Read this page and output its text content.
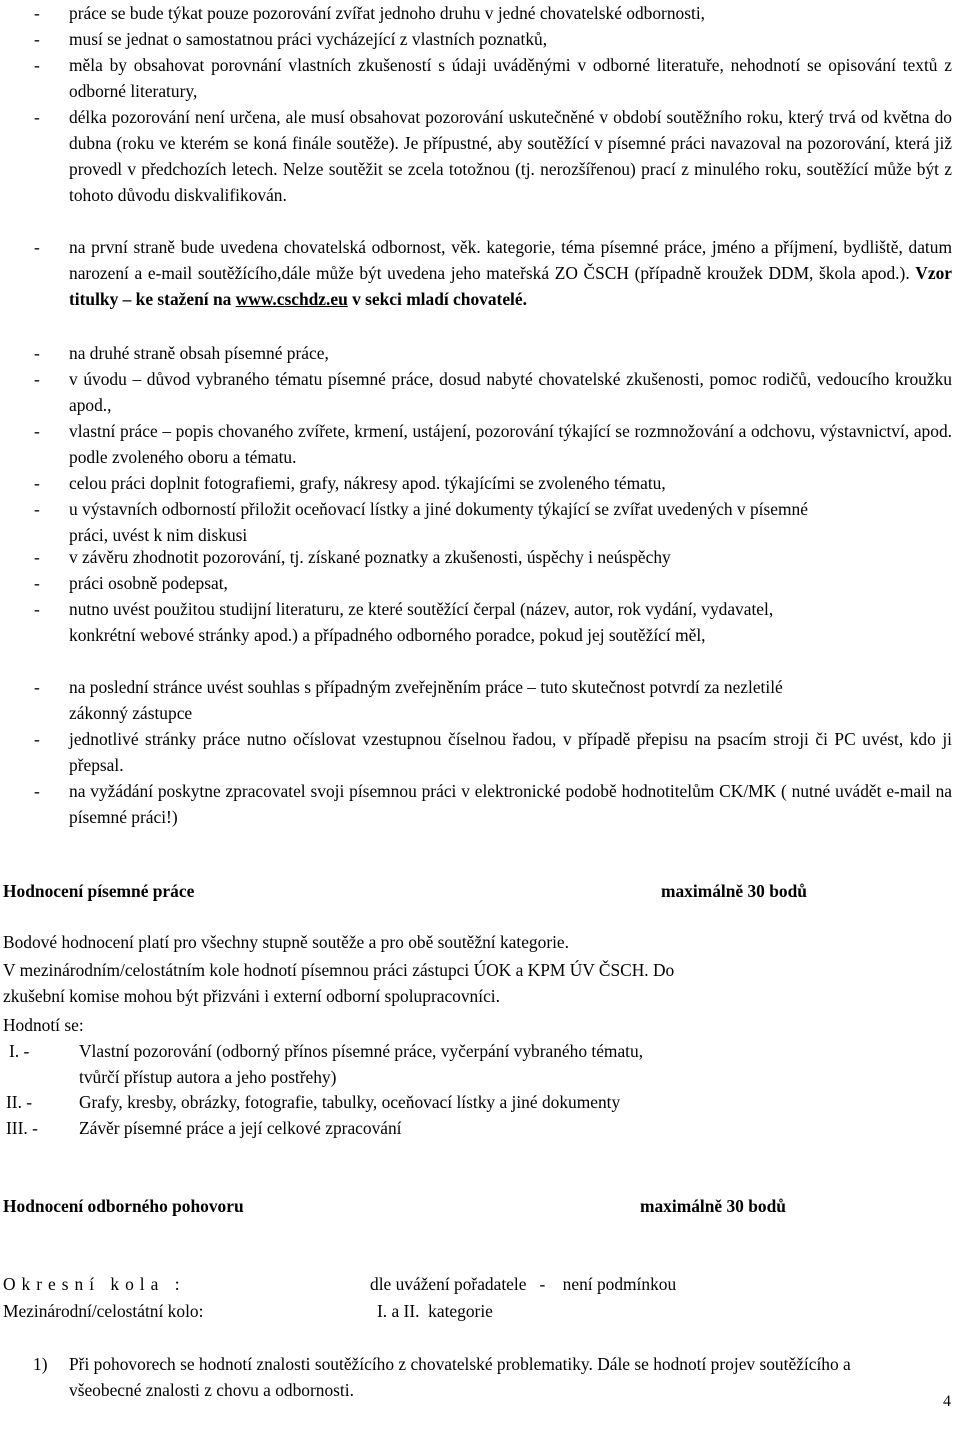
- práce se bude týkat pouze pozorování zvířat jednoho druhu v jedné chovatelské odbornosti,
- musí se jednat o samostatnou práci vycházející z vlastních poznatků,
- měla by obsahovat porovnání vlastních zkušeností s údaji uváděnými v odborné literatuře, nehodnotí se opisování textů z odborné literatury,
- délka pozorování není určena, ale musí obsahovat pozorování uskutečněné v období soutěžního roku, který trvá od května do dubna (roku ve kterém se koná finále soutěže). Je přípustné, aby soutěžící v písemné práci navazoval na pozorování, která již provedl v předchozích letech. Nelze soutěžit se zcela totožnou (tj. nerozšířenou) prací z minulého roku, soutěžící může být z tohoto důvodu diskvalifikován.
- na první straně bude uvedena chovatelská odbornost, věk. kategorie, téma písemné práce, jméno a příjmení, bydliště, datum narození a e-mail soutěžícího,dále může být uvedena jeho mateřská ZO ČSCH (případně kroužek DDM, škola apod.). Vzor titulky – ke stažení na www.cschdz.eu v sekci mladí chovatelé.
- na druhé straně obsah písemné práce,
- v úvodu – důvod vybraného tématu písemné práce, dosud nabyté chovatelské zkušenosti, pomoc rodičů, vedoucího kroužku apod.,
- vlastní práce – popis chovaného zvířete, krmení, ustájení, pozorování týkající se rozmnožování a odchovu, výstavnictví, apod. podle zvoleného oboru a tématu.
- celou práci doplnit fotografiemi, grafy, nákresy apod. týkajícími se zvoleného tématu,
- u výstavních odborností přiložit oceňovací lístky a jiné dokumenty týkající se zvířat uvedených v písemné práci, uvést k nim diskusi
- v závěru zhodnotit pozorování, tj. získané poznatky a zkušenosti, úspěchy i neúspěchy
- práci osobně podepsat,
- nutno uvést použitou studijní literaturu, ze které soutěžící čerpal (název, autor, rok vydání, vydavatel, konkrétní webové stránky apod.) a případného odborného poradce, pokud jej soutěžící měl,
- na poslední stránce uvést souhlas s případným zveřejněním práce – tuto skutečnost potvrdí za nezletilé zákonný zástupce
- jednotlivé stránky práce nutno očíslovat vzestupnou číselnou řadou, v případě přepisu na psacím stroji či PC uvést, kdo ji přepsal.
- na vyžádání poskytne zpracovatel svoji písemnou práci v elektronické podobě hodnotitelům CK/MK ( nutné uvádět e-mail na písemné práci!)
Hodnocení písemné práce	maximálně 30 bodů
Bodové hodnocení platí pro všechny stupně soutěže a pro obě soutěžní kategorie.
V mezinárodním/celostátním kole hodnotí písemnou práci zástupci ÚOK a KPM ÚV ČSCH. Do
zkušební komise mohou být přizváni i externí odborní spolupracovníci.
Hodnotí se:
I. -	Vlastní pozorování (odborný přínos písemné práce, vyčerpání vybraného tématu,
tvůrčí přístup autora a jeho postřehy)
II. -	Grafy, kresby, obrázky, fotografie, tabulky, oceňovací lístky a jiné dokumenty
III. - Závěr písemné práce a její celkové zpracování
Hodnocení odborného pohovoru	maximálně 30 bodů
Okresní kola :	dle uvážení pořadatele   -    není podmínkou
Mezinárodní/celostátní kolo:	I. a II.  kategorie
1)	Při pohovorech se hodnotí znalosti soutěžícího z chovatelské problematiky. Dále se hodnotí projev soutěžícího a všeobecné znalosti z chovu a odbornosti.
4
